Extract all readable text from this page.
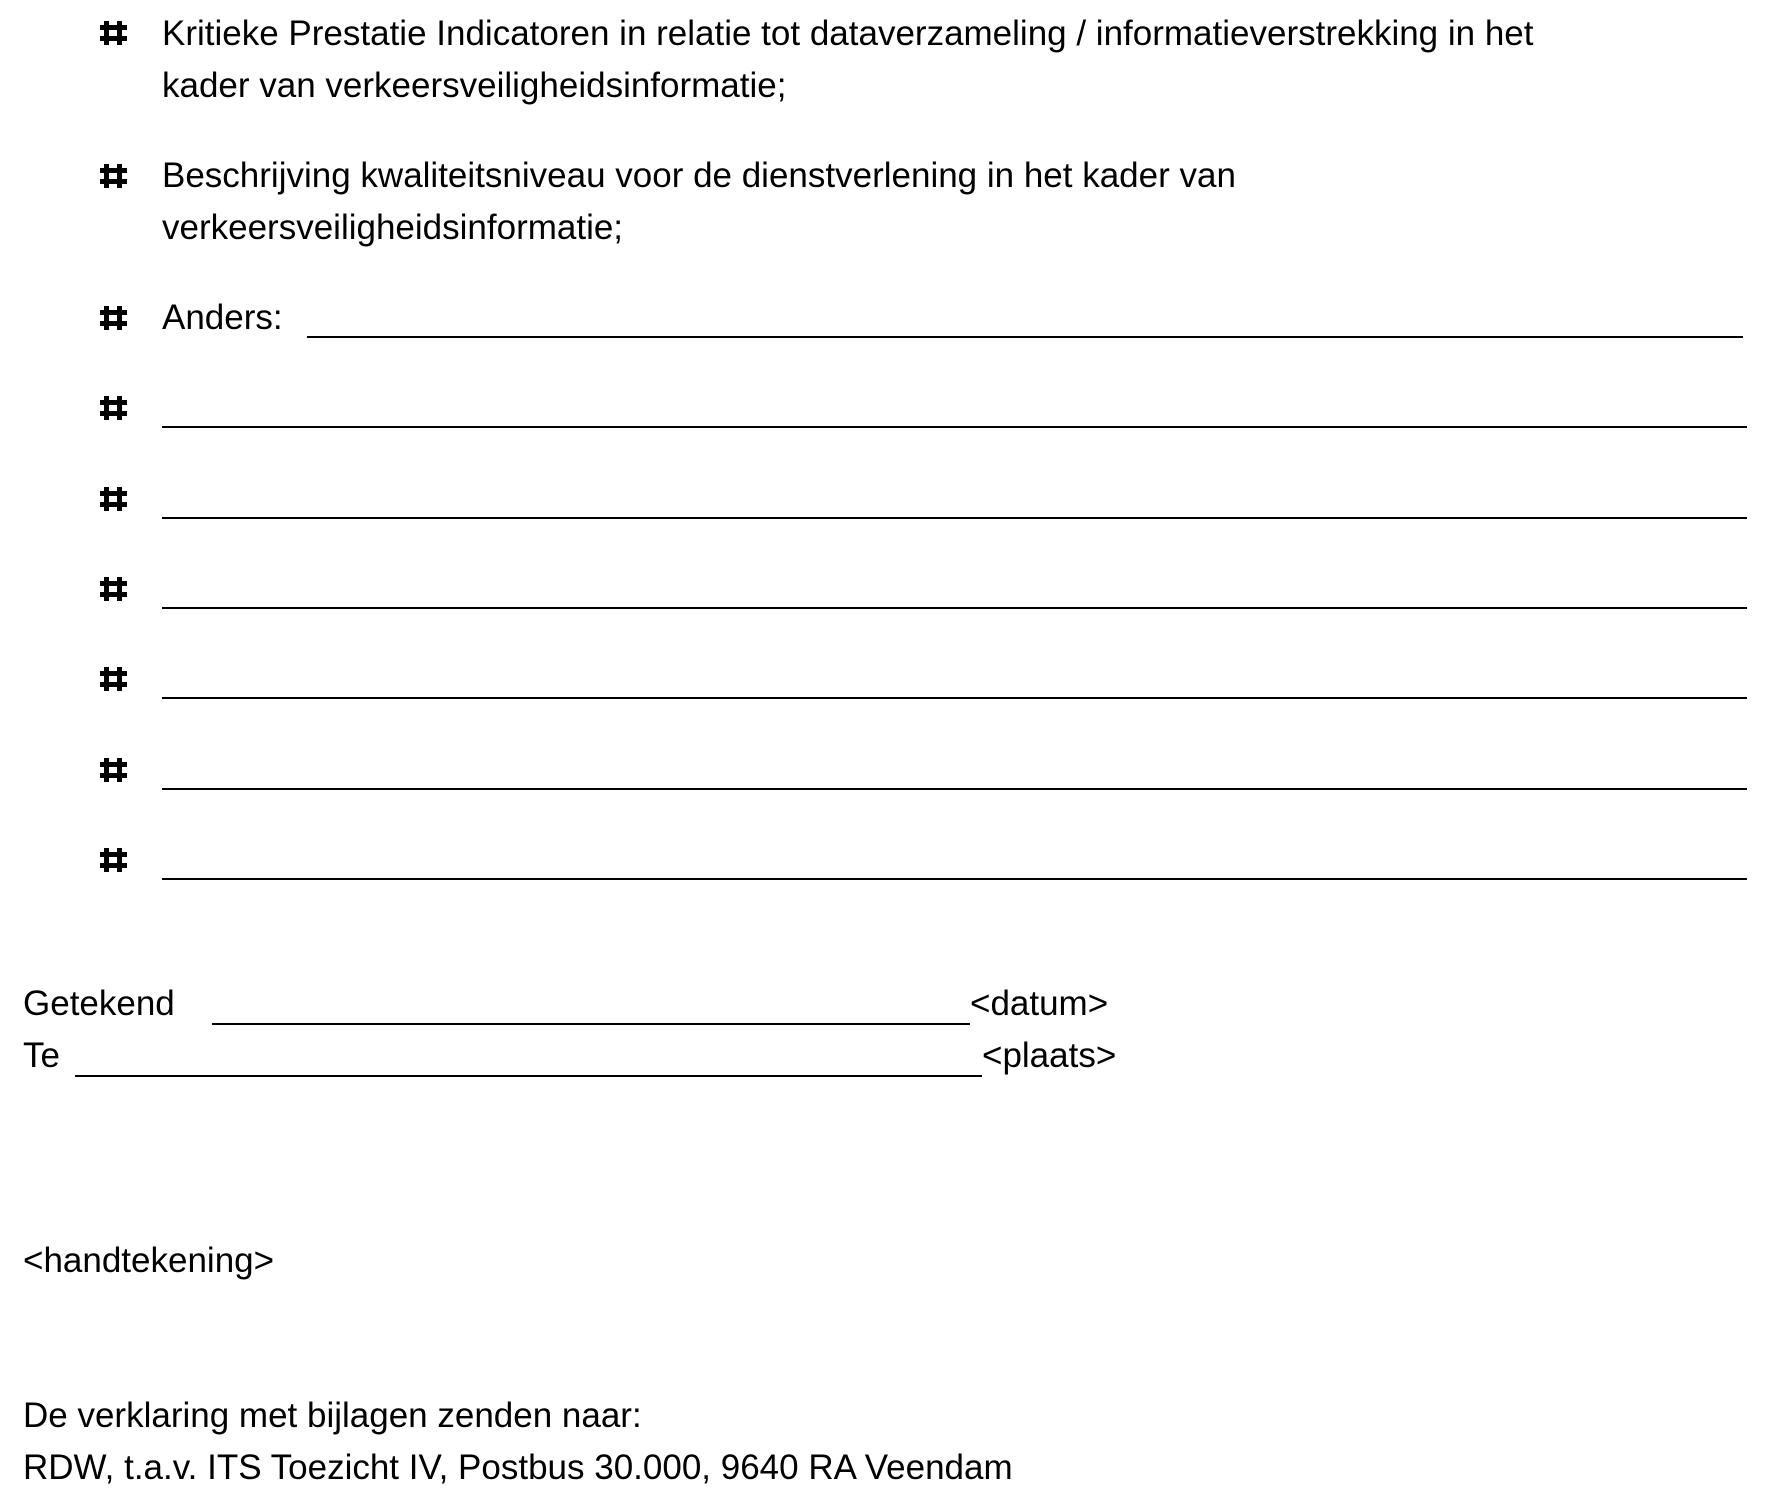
Kritieke Prestatie Indicatoren in relatie tot dataverzameling / informatieverstrekking in het
kader van verkeersveiligheidsinformatie;
Beschrijving kwaliteitsniveau voor de dienstverlening in het kader van
verkeersveiligheidsinformatie;
Anders:
Getekend	<datum>
Te	<plaats>
<handtekening>
De verklaring met bijlagen zenden naar:
RDW, t.a.v. ITS Toezicht IV, Postbus 30.000, 9640 RA Veendam
